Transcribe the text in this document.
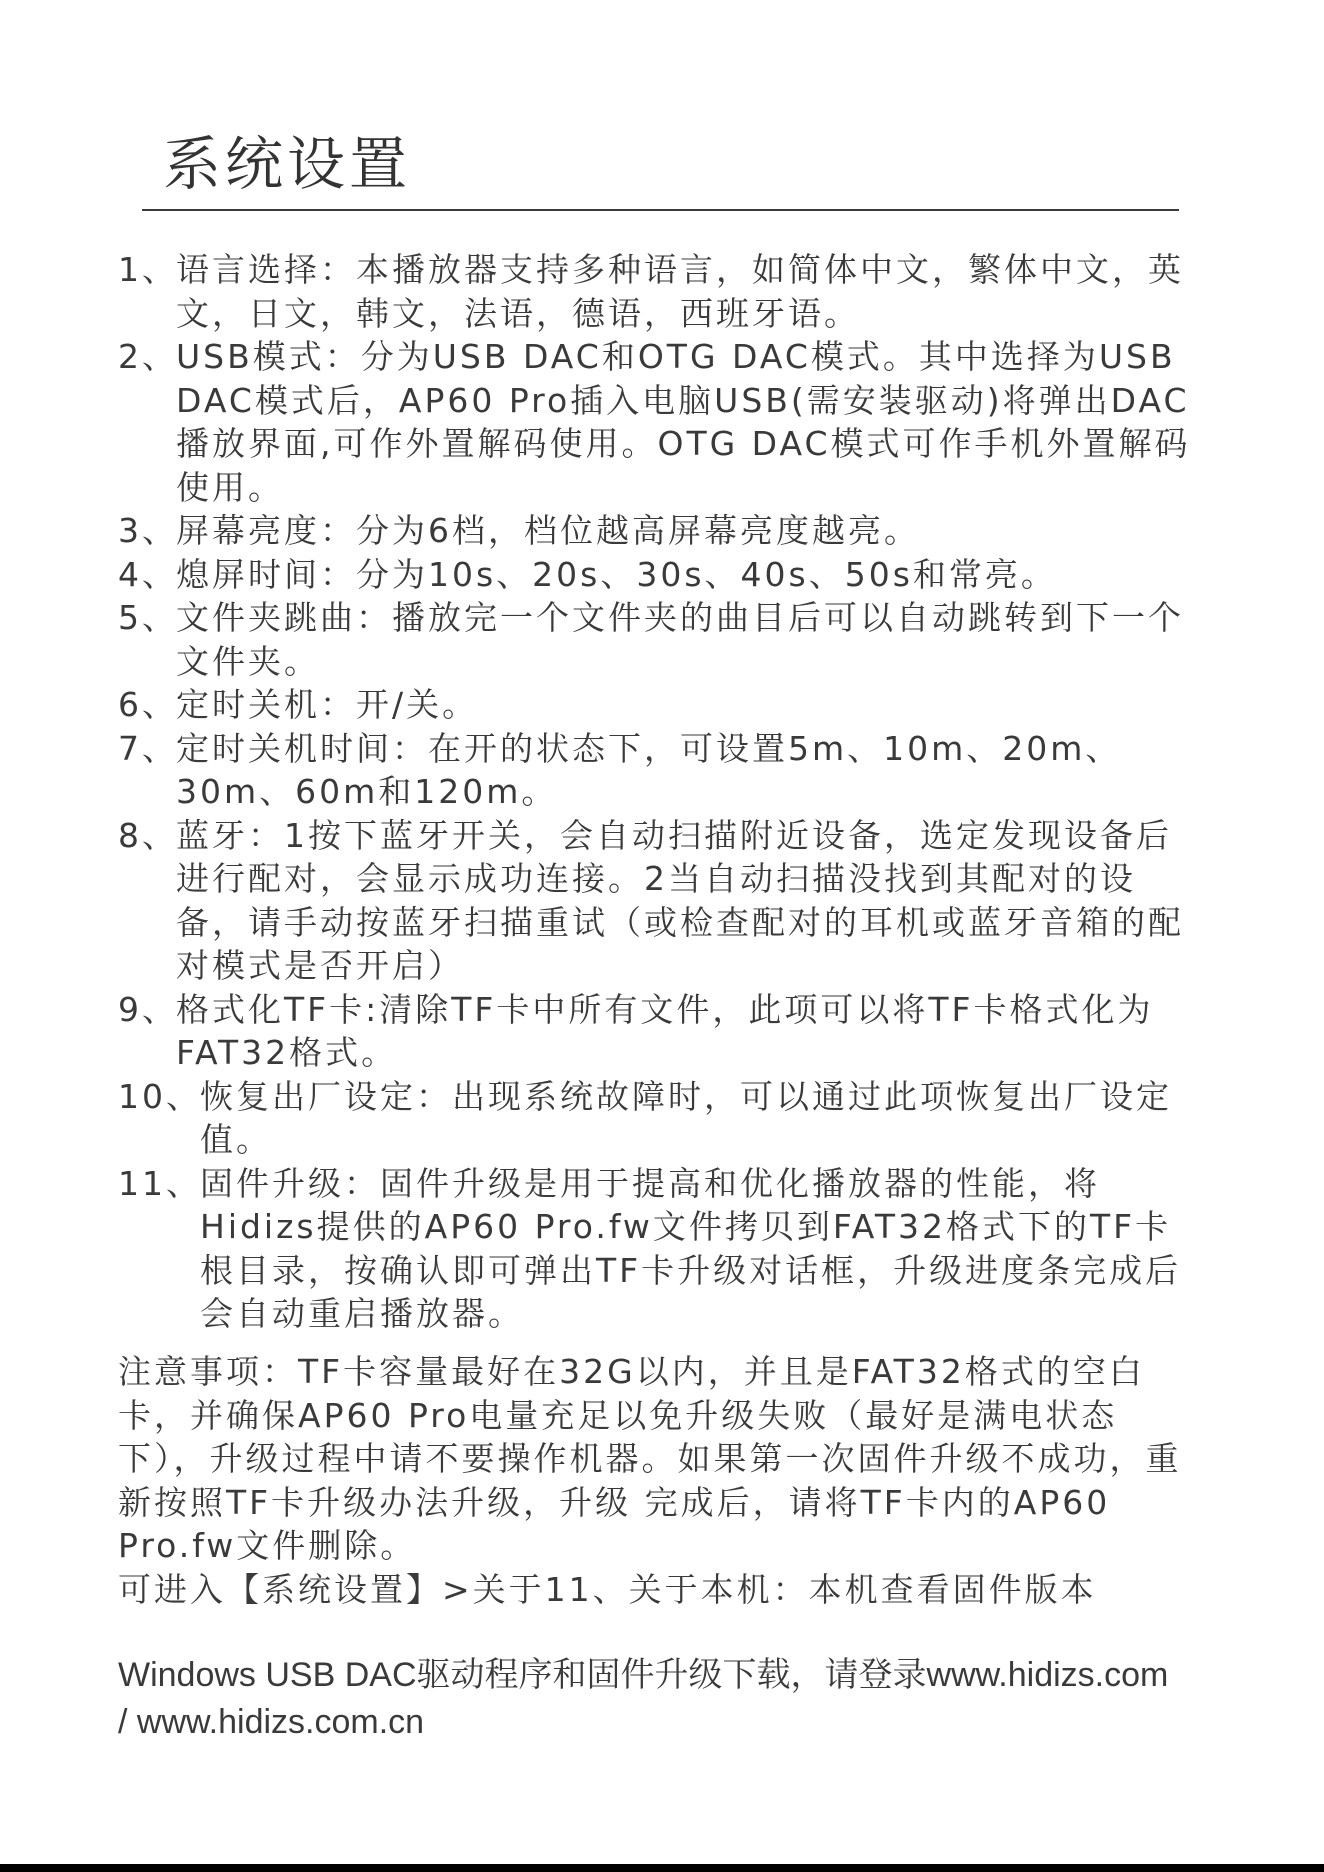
系统设置
1、
语言选择：本播放器支持多种语言，如简体中文，繁体中文，英文，日文，韩文，法语，德语，西班牙语。
2、
USB模式：分为USB DAC和OTG DAC模式。其中选择为USB DAC模式后，AP60 Pro插入电脑USB(需安装驱动)将弹出DAC播放界面,可作外置解码使用。OTG DAC模式可作手机外置解码使用。
3、
屏幕亮度：分为6档，档位越高屏幕亮度越亮。
4、
熄屏时间：分为10s、20s、30s、40s、50s和常亮。
5、
文件夹跳曲：播放完一个文件夹的曲目后可以自动跳转到下一个文件夹。
6、
定时关机：开/关。
7、
定时关机时间：在开的状态下，可设置5m、10m、20m、30m、60m和120m。
8、
蓝牙：1按下蓝牙开关，会自动扫描附近设备，选定发现设备后进行配对，会显示成功连接。2当自动扫描没找到其配对的设备，请手动按蓝牙扫描重试（或检查配对的耳机或蓝牙音箱的配对模式是否开启）
9、
格式化TF卡:清除TF卡中所有文件，此项可以将TF卡格式化为FAT32格式。
10、
恢复出厂设定：出现系统故障时，可以通过此项恢复出厂设定值。
11、
固件升级：固件升级是用于提高和优化播放器的性能，将Hidizs提供的AP60 Pro.fw文件拷贝到FAT32格式下的TF卡根目录，按确认即可弹出TF卡升级对话框，升级进度条完成后会自动重启播放器。

注意事项：TF卡容量最好在32G以内，并且是FAT32格式的空白卡，并确保AP60 Pro电量充足以免升级失败（最好是满电状态下），升级过程中请不要操作机器。如果第一次固件升级不成功，重新按照TF卡升级办法升级，升级 完成后，请将TF卡内的AP60 Pro.fw文件删除。

可进入【系统设置】>关于11、关于本机：本机查看固件版本

Windows USB DAC驱动程序和固件升级下载，请登录www.hidizs.com
/ www.hidizs.com.cn
